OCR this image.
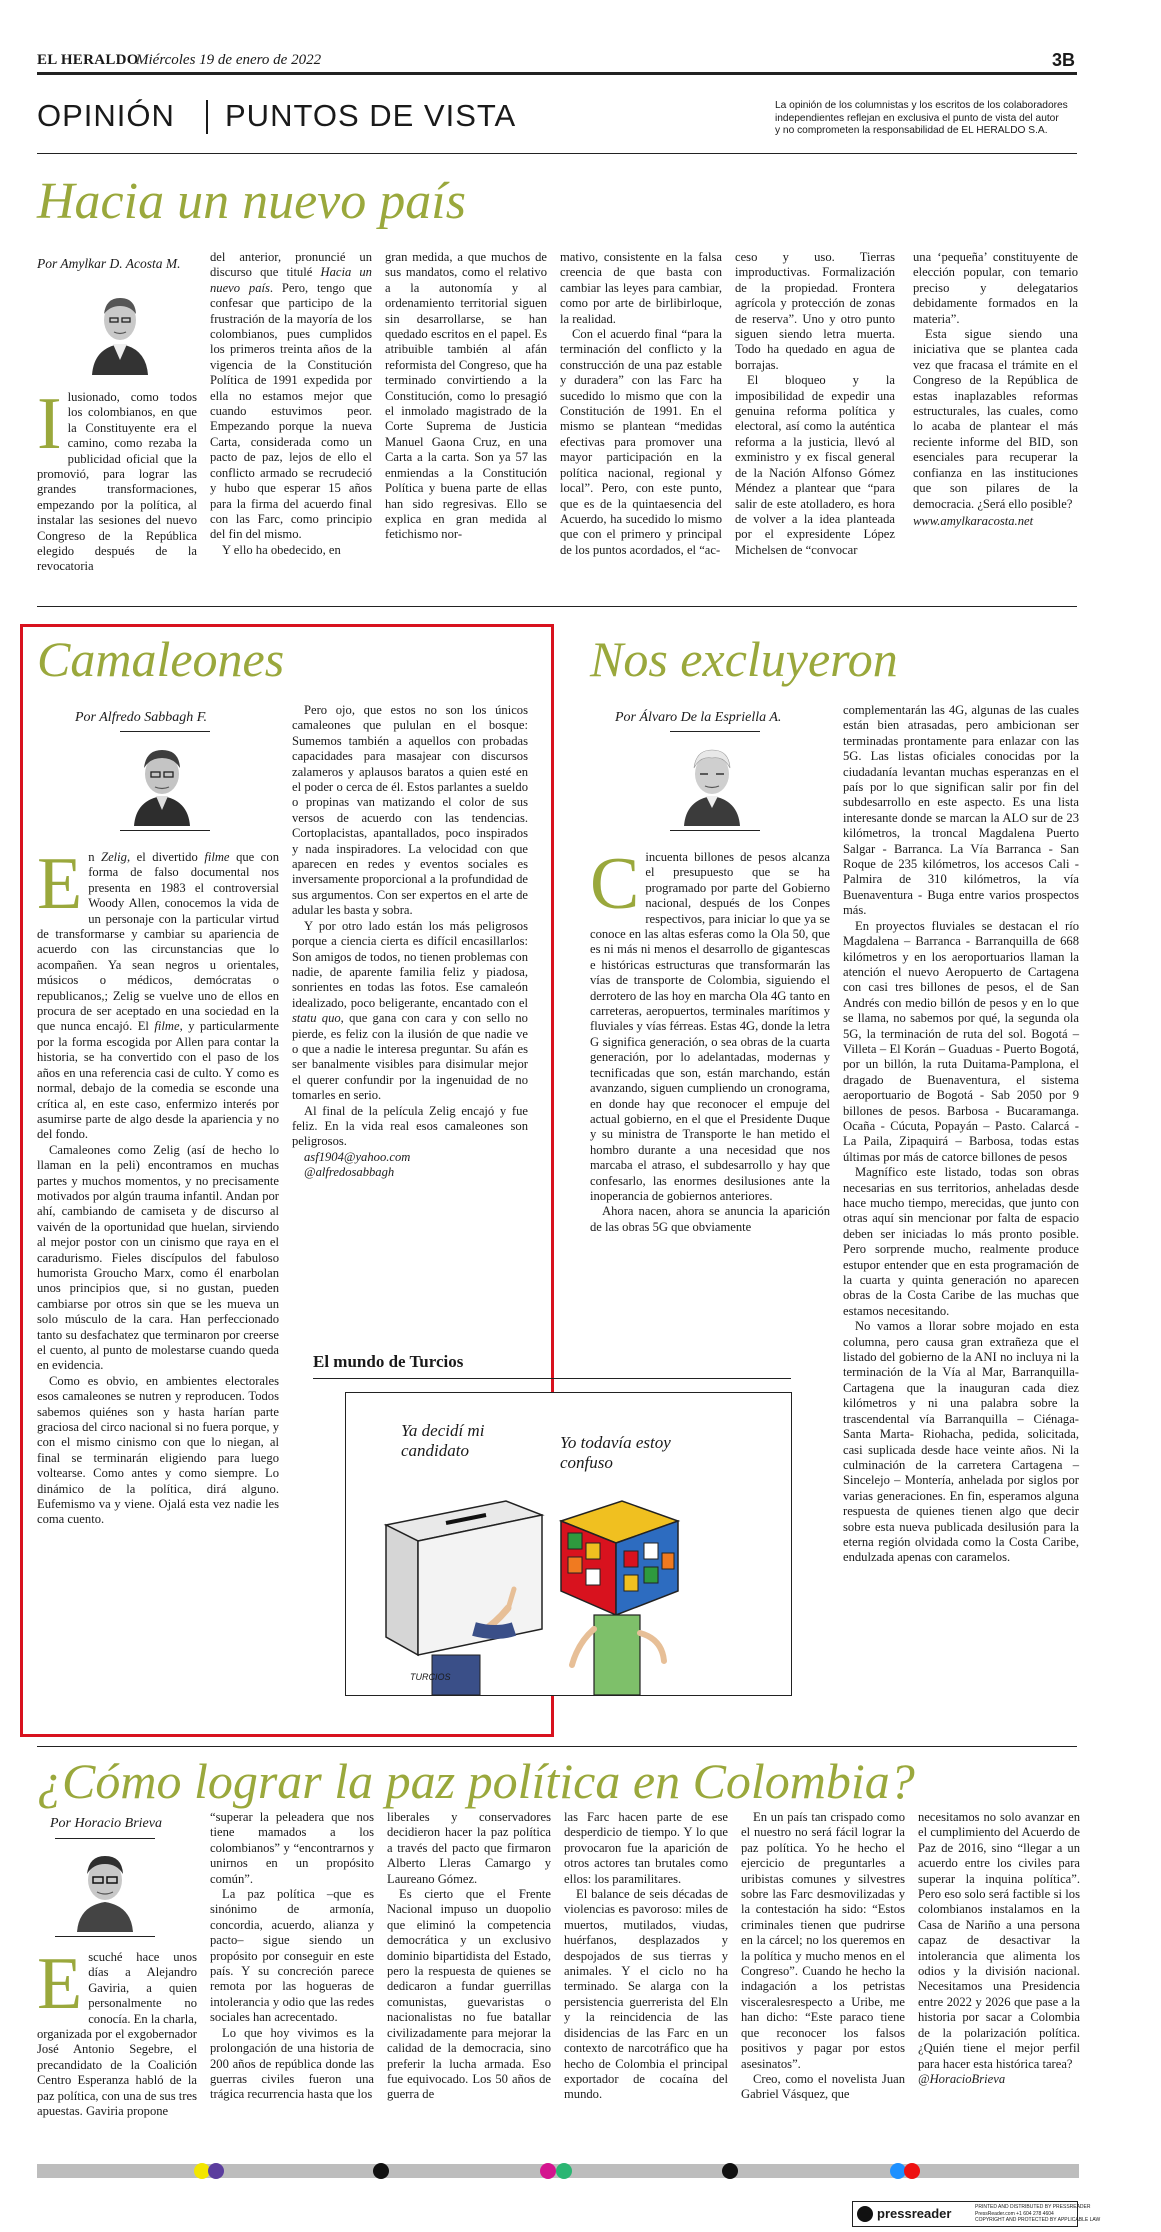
EL HERALDO
Miércoles 19 de enero de 2022	3B
OPINIÓN PUNTOS DE VISTA	La opinión de los columnistas y los escritos de los colaboradores
independientes reflejan en exclusiva el punto de vista del autor
y no comprometen la responsabilidad de EL HERALDO S.A.
Hacia un nuevo país
Por Amylkar D. Acosta M.
Ilusionado, como todos los colombianos, en que la Constituyente era el camino, como rezaba la publicidad oficial que la promovió, para lograr las grandes transformaciones, empezando por la política, al instalar las sesiones del nuevo Congreso de la República elegido después de la revocatoria

del anterior, pronuncié un discurso que titulé Hacia un nuevo país. Pero, tengo que confesar que participo de la frustración de la mayoría de los colombianos, pues cumplidos los primeros treinta años de la vigencia de la Constitución Política de 1991 expedida por ella no estamos mejor que cuando estuvimos peor. Empezando porque la nueva Carta, considerada como un pacto de paz, lejos de ello el conflicto armado se recrudeció y hubo que esperar 15 años para la firma del acuerdo final con las Farc, como principio del fin del mismo.

Y ello ha obedecido, en

gran medida, a que muchos de sus mandatos, como el relativo a la autonomía y al ordenamiento territorial siguen sin desarrollarse, se han quedado escritos en el papel. Es atribuible también al afán reformista del Congreso, que ha terminado convirtiendo a la Constitución, como lo presagió el inmolado magistrado de la Corte Suprema de Justicia Manuel Gaona Cruz, en una Carta a la carta. Son ya 57 las enmiendas a la Constitución Política y buena parte de ellas han sido regresivas. Ello se explica en gran medida al fetichismo nor-

mativo, consistente en la falsa creencia de que basta con cambiar las leyes para cambiar, como por arte de birlibirloque, la realidad.

Con el acuerdo final “para la terminación del conflicto y la construcción de una paz estable y duradera” con las Farc ha sucedido lo mismo que con la Constitución de 1991. En el mismo se plantean “medidas efectivas para promover una mayor participación en la política nacional, regional y local”. Pero, con este punto, que es de la quintaesencia del Acuerdo, ha sucedido lo mismo que con el primero y principal de los puntos acordados, el “ac-

ceso y uso. Tierras improductivas. Formalización de la propiedad. Frontera agrícola y protección de zonas de reserva”. Uno y otro punto siguen siendo letra muerta. Todo ha quedado en agua de borrajas.

El bloqueo y la imposibilidad de expedir una genuina reforma política y electoral, así como la auténtica reforma a la justicia, llevó al exministro y ex fiscal general de la Nación Alfonso Gómez Méndez a plantear que “para salir de este atolladero, es hora de volver a la idea planteada por el expresidente López Michelsen de “convocar

una ‘pequeña’ constituyente de elección popular, con temario preciso y delegatarios debidamente formados en la materia”.

Esta sigue siendo una iniciativa que se plantea cada vez que fracasa el trámite en el Congreso de la República de estas inaplazables reformas estructurales, las cuales, como lo acaba de plantear el más reciente informe del BID, son esenciales para recuperar la confianza en las instituciones que son pilares de la democracia. ¿Será ello posible?

www.amylkaracosta.net

Camaleones
Por Alfredo Sabbagh F.

En Zelig, el divertido filme que con forma de falso documental nos presenta en 1983 el controversial Woody Allen, conocemos la vida de un personaje con la particular virtud de transformarse y cambiar su apariencia de acuerdo con las circunstancias que lo acompañen. Ya sean negros u orientales, músicos o médicos, demócratas o republicanos,; Zelig se vuelve uno de ellos en procura de ser aceptado en una sociedad en la que nunca encajó. El filme, y particularmente por la forma escogida por Allen para contar la historia, se ha convertido con el paso de los años en una referencia casi de culto. Y como es normal, debajo de la comedia se esconde una crítica al, en este caso, enfermizo interés por asumirse parte de algo desde la apariencia y no del fondo.

Camaleones como Zelig (así de hecho lo llaman en la peli) encontramos en muchas partes y muchos momentos, y no precisamente motivados por algún trauma infantil. Andan por ahí, cambiando de camiseta y de discurso al vaivén de la oportunidad que huelan, sirviendo al mejor postor con un cinismo que raya en el caradurismo. Fieles discípulos del fabuloso humorista Groucho Marx, como él enarbolan unos principios que, si no gustan, pueden cambiarse por otros sin que se les mueva un solo músculo de la cara. Han perfeccionado tanto su desfachatez que terminaron por creerse el cuento, al punto de molestarse cuando queda en evidencia.

Como es obvio, en ambientes electorales esos camaleones se nutren y reproducen. Todos sabemos quiénes son y hasta harían parte graciosa del circo nacional si no fuera porque, y con el mismo cinismo con que lo niegan, al final se terminarán eligiendo para luego voltearse. Como antes y como siempre. Lo dinámico de la política, dirá alguno. Eufemismo va y viene. Ojalá esta vez nadie les coma cuento.

Pero ojo, que estos no son los únicos camaleones que pululan en el bosque: Sumemos también a aquellos con probadas capacidades para masajear con discursos zalameros y aplausos baratos a quien esté en el poder o cerca de él. Estos parlantes a sueldo o propinas van matizando el color de sus versos de acuerdo con las tendencias. Cortoplacistas, apantallados, poco inspirados y nada inspiradores. La velocidad con que aparecen en redes y eventos sociales es inversamente proporcional a la profundidad de sus argumentos. Con ser expertos en el arte de adular les basta y sobra.

Y por otro lado están los más peligrosos porque a ciencia cierta es difícil encasillarlos: Son amigos de todos, no tienen problemas con nadie, de aparente familia feliz y piadosa, sonrientes en todas las fotos. Ese camaleón idealizado, poco beligerante, encantado con el statu quo, que gana con cara y con sello no pierde, es feliz con la ilusión de que nadie ve o que a nadie le interesa preguntar. Su afán es ser banalmente visibles para disimular mejor el querer confundir por la ingenuidad de no tomarles en serio.

Al final de la película Zelig encajó y fue feliz. En la vida real esos camaleones son peligrosos.

asf1904@yahoo.com

@alfredosabbagh

El mundo de Turcios
Ya decidí mi candidato	Yo todavía estoy confuso
TURCIOS
Nos excluyeron
Por Álvaro De la Espriella A.

Cincuenta billones de pesos alcanza el presupuesto que se ha programado por parte del Gobierno nacional, después de los Conpes respectivos, para iniciar lo que ya se conoce en las altas esferas como la Ola 50, que es ni más ni menos el desarrollo de gigantescas e históricas estructuras que transformarán las vías de transporte de Colombia, siguiendo el derrotero de las hoy en marcha Ola 4G tanto en carreteras, aeropuertos, terminales marítimos y fluviales y vías férreas. Estas 4G, donde la letra G significa generación, o sea obras de la cuarta generación, por lo adelantadas, modernas y tecnificadas que son, están marchando, están avanzando, siguen cumpliendo un cronograma, en donde hay que reconocer el empuje del actual gobierno, en el que el Presidente Duque y su ministra de Transporte le han metido el hombro durante a una necesidad que nos marcaba el atraso, el subdesarrollo y hay que confesarlo, las enormes desilusiones ante la inoperancia de gobiernos anteriores.

Ahora nacen, ahora se anuncia la aparición de las obras 5G que obviamente

complementarán las 4G, algunas de las cuales están bien atrasadas, pero ambicionan ser terminadas prontamente para enlazar con las 5G. Las listas oficiales conocidas por la ciudadanía levantan muchas esperanzas en el país por lo que significan salir por fin del subdesarrollo en este aspecto. Es una lista interesante donde se marcan la ALO sur de 23 kilómetros, la troncal Magdalena Puerto Salgar - Barranca. La Vía Barranca - San Roque de 235 kilómetros, los accesos Cali - Palmira de 310 kilómetros, la vía Buenaventura - Buga entre varios prospectos más.

En proyectos fluviales se destacan el río Magdalena – Barranca - Barranquilla de 668 kilómetros y en los aeroportuarios llaman la atención el nuevo Aeropuerto de Cartagena con casi tres billones de pesos, el de San Andrés con medio billón de pesos y en lo que se llama, no sabemos por qué, la segunda ola 5G, la terminación de ruta del sol. Bogotá – Villeta – El Korán – Guaduas - Puerto Bogotá, por un billón, la ruta Duitama-Pamplona, el dragado de Buenaventura, el sistema aeroportuario de Bogotá - Sab 2050 por 9 billones de pesos. Barbosa - Bucaramanga. Ocaña - Cúcuta, Popayán – Pasto. Calarcá - La Paila, Zipaquirá – Barbosa, todas estas últimas por más de catorce billones de pesos

Magnífico este listado, todas son obras necesarias en sus territorios, anheladas desde hace mucho tiempo, merecidas, que junto con otras aquí sin mencionar por falta de espacio deben ser iniciadas lo más pronto posible. Pero sorprende mucho, realmente produce estupor entender que en esta programación de la cuarta y quinta generación no aparecen obras de la Costa Caribe de las muchas que estamos necesitando.

No vamos a llorar sobre mojado en esta columna, pero causa gran extrañeza que el listado del gobierno de la ANI no incluya ni la terminación de la Vía al Mar, Barranquilla-Cartagena que la inauguran cada diez kilómetros y ni una palabra sobre la trascendental vía Barranquilla – Ciénaga-Santa Marta- Riohacha, pedida, solicitada, casi suplicada desde hace veinte años. Ni la culminación de la carretera Cartagena – Sincelejo – Montería, anhelada por siglos por varias generaciones. En fin, esperamos alguna respuesta de quienes tienen algo que decir sobre esta nueva publicada desilusión para la eterna región olvidada como la Costa Caribe, endulzada apenas con caramelos.

¿Cómo lograr la paz política en Colombia?
Por Horacio Brieva
Escuché hace unos días a Alejandro Gaviria, a quien personalmente no conocía. En la charla, organizada por el exgobernador José Antonio Segebre, el precandidato de la Coalición Centro Esperanza habló de la paz política, con una de sus tres apuestas. Gaviria propone

“superar la peleadera que nos tiene mamados a los colombianos” y “encontrarnos y unirnos en un propósito común”.

La paz política –que es sinónimo de armonía, concordia, acuerdo, alianza y pacto– sigue siendo un propósito por conseguir en este país. Y su concreción parece remota por las hogueras de intolerancia y odio que las redes sociales han acrecentado.

Lo que hoy vivimos es la prolongación de una historia de 200 años de república donde las guerras civiles fueron una trágica recurrencia hasta que los

liberales y conservadores decidieron hacer la paz política a través del pacto que firmaron Alberto Lleras Camargo y Laureano Gómez.

Es cierto que el Frente Nacional impuso un duopolio que eliminó la competencia democrática y un exclusivo dominio bipartidista del Estado, pero la respuesta de quienes se dedicaron a fundar guerrillas comunistas, guevaristas o nacionalistas no fue batallar civilizadamente para mejorar la calidad de la democracia, sino preferir la lucha armada. Eso fue equivocado. Los 50 años de guerra de

las Farc hacen parte de ese desperdicio de tiempo. Y lo que provocaron fue la aparición de otros actores tan brutales como ellos: los paramilitares.

El balance de seis décadas de violencias es pavoroso: miles de muertos, mutilados, viudas, huérfanos, desplazados y despojados de sus tierras y animales. Y el ciclo no ha terminado. Se alarga con la persistencia guerrerista del Eln y la reincidencia de las disidencias de las Farc en un contexto de narcotráfico que ha hecho de Colombia el principal exportador de cocaína del mundo.

En un país tan crispado como el nuestro no será fácil lograr la paz política. Yo he hecho el ejercicio de preguntarles a uribistas comunes y silvestres sobre las Farc desmovilizadas y la contestación ha sido: “Estos criminales tienen que pudrirse en la cárcel; no los queremos en la política y mucho menos en el Congreso”. Cuando he hecho la indagación a los petristas visceralesrespecto a Uribe, me han dicho: “Este paraco tiene que reconocer los falsos positivos y pagar por estos asesinatos”.

Creo, como el novelista Juan Gabriel Vásquez, que

necesitamos no solo avanzar en el cumplimiento del Acuerdo de Paz de 2016, sino “llegar a un acuerdo entre los civiles para superar la inquina política”. Pero eso solo será factible si los colombianos instalamos en la Casa de Nariño a una persona capaz de desactivar la intolerancia que alimenta los odios y la división nacional. Necesitamos una Presidencia entre 2022 y 2026 que pase a la historia por sacar a Colombia de la polarización política. ¿Quién tiene el mejor perfil para hacer esta histórica tarea?

@HoracioBrieva

pressreader	PRINTED AND DISTRIBUTED BY PRESSREADER
PressReader.com +1 604 278 4604
COPYRIGHT AND PROTECTED BY APPLICABLE LAW
